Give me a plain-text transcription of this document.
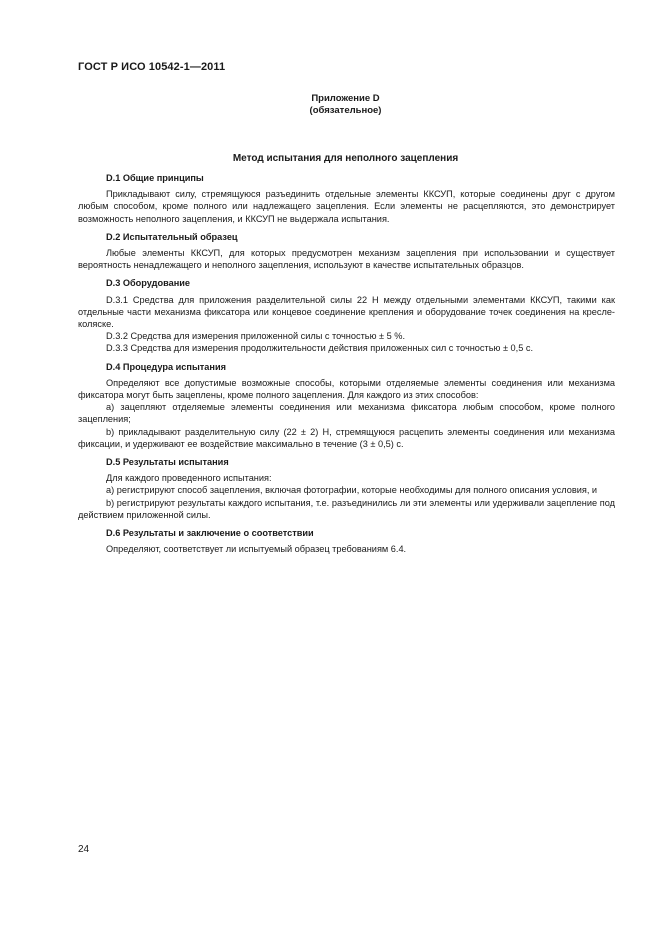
ГОСТ Р ИСО 10542-1—2011
Приложение D
(обязательное)
Метод испытания для неполного зацепления

D.1 Общие принципы

Прикладывают силу, стремящуюся разъединить отдельные элементы ККСУП, которые соединены друг с другом любым способом, кроме полного или надлежащего зацепления. Если элементы не расцепляются, это демонстрирует возможность неполного зацепления, и ККСУП не выдержала испытания.

D.2 Испытательный образец

Любые элементы ККСУП, для которых предусмотрен механизм зацепления при использовании и существует вероятность ненадлежащего и неполного зацепления, используют в качестве испытательных образцов.

D.3 Оборудование

D.3.1 Средства для приложения разделительной силы 22 Н между отдельными элементами ККСУП, такими как отдельные части механизма фиксатора или концевое соединение крепления и оборудование точек соединения на кресле-коляске.

D.3.2 Средства для измерения приложенной силы с точностью ± 5 %.

D.3.3 Средства для измерения продолжительности действия приложенных сил с точностью ± 0,5 с.

D.4 Процедура испытания

Определяют все допустимые возможные способы, которыми отделяемые элементы соединения или механизма фиксатора могут быть зацеплены, кроме полного зацепления. Для каждого из этих способов:

а) зацепляют отделяемые элементы соединения или механизма фиксатора любым способом, кроме полного зацепления;

b) прикладывают разделительную силу (22 ± 2) Н, стремящуюся расцепить элементы соединения или механизма фиксации, и удерживают ее воздействие максимально в течение (3 ± 0,5) с.

D.5 Результаты испытания

Для каждого проведенного испытания:

а) регистрируют способ зацепления, включая фотографии, которые необходимы для полного описания условия, и

b) регистрируют результаты каждого испытания, т.е. разъединились ли эти элементы или удерживали зацепление под действием приложенной силы.

D.6 Результаты и заключение о соответствии

Определяют, соответствует ли испытуемый образец требованиям 6.4.

24
